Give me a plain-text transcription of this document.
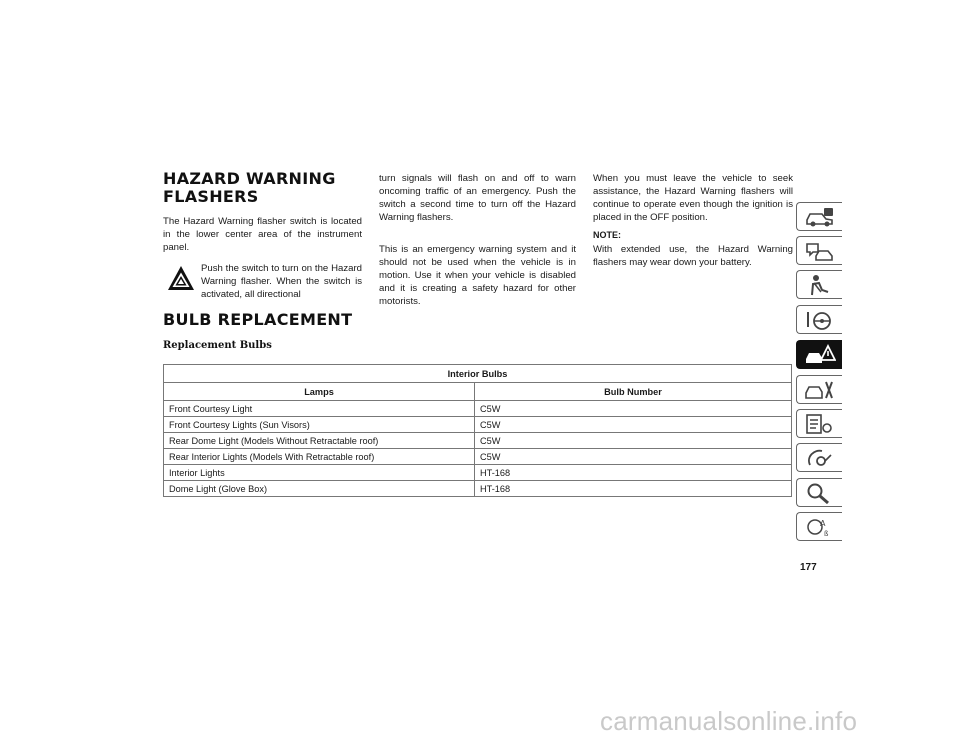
HAZARD WARNING FLASHERS

The Hazard Warning flasher switch is located in the lower center area of the instrument panel.

Push the switch to turn on the Hazard Warning flasher. When the switch is activated, all directional

turn signals will flash on and off to warn oncoming traffic of an emergency. Push the switch a second time to turn off the Hazard Warning flashers.

This is an emergency warning system and it should not be used when the vehicle is in motion. Use it when your vehicle is disabled and it is creating a safety hazard for other motorists.

When you must leave the vehicle to seek assistance, the Hazard Warning flashers will continue to operate even though the ignition is placed in the OFF position.

NOTE:

With extended use, the Hazard Warning flashers may wear down your battery.

BULB REPLACEMENT
Replacement Bulbs
Interior Bulbs	
Lamps	Bulb Number
Front Courtesy Light	C5W
Front Courtesy Lights (Sun Visors)	C5W
Rear Dome Light (Models Without Retractable roof)	C5W
Rear Interior Lights (Models With Retractable roof)	C5W
Interior Lights	HT-168
Dome Light (Glove Box)	HT-168
A
ß
177
carmanualsonline.info
